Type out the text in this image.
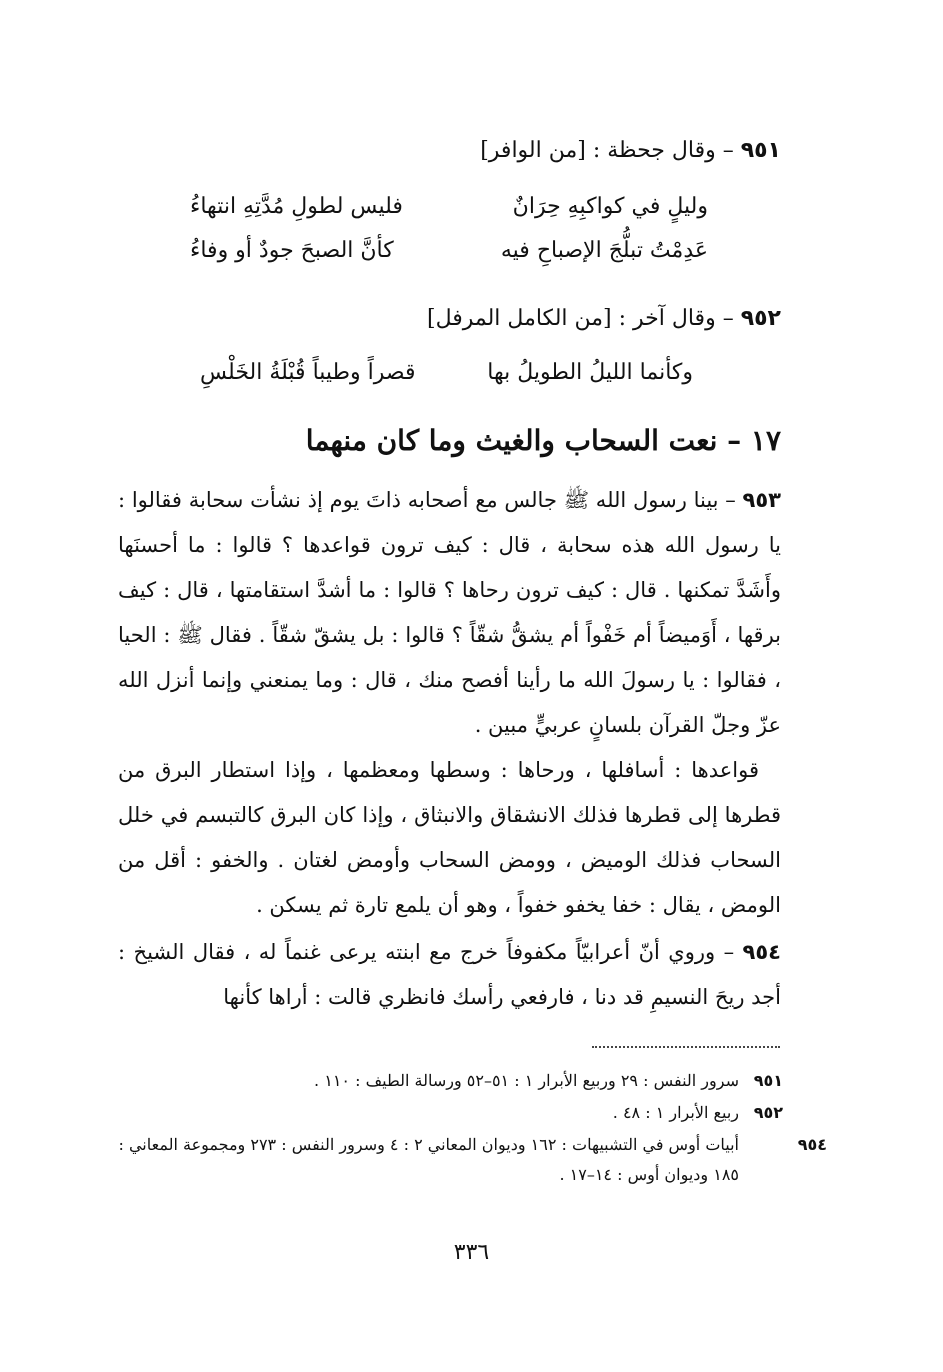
٩٥١ – وقال جحظة : [من الوافر]
وليلٍ في كواكبِهِ حِرَانٌ
فليس لطولِ مُدَّتِهِ انتهاءُ
عَدِمْتُ تبلُّجَ الإصباحِ فيه
كأنَّ الصبحَ جودٌ أو وفاءُ
٩٥٢ – وقال آخر : [من الكامل المرفل]
وكأنما الليلُ الطويلُ بها
قصراً وطيباً قُبْلَةُ الخَلْسِ
١٧ – نعت السحاب والغيث وما كان منهما

٩٥٣ – بينا رسول الله ﷺ جالس مع أصحابه ذاتَ يوم إذ نشأت سحابة فقالوا : يا رسول الله هذه سحابة ، قال : كيف ترون قواعدها ؟ قالوا : ما أحسنَها وأَشَدَّ تمكنها . قال : كيف ترون رحاها ؟ قالوا : ما أشدَّ استقامتها ، قال : كيف برقها ، أَوَميضاً أم خَفْواً أم يشقُّ شقّاً ؟ قالوا : بل يشقّ شقّاً . فقال ﷺ : الحيا ، فقالوا : يا رسولَ الله ما رأينا أفصح منك ، قال : وما يمنعني وإنما أنزل الله عزّ وجلّ القرآن بلسانٍ عربيٍّ مبين .

قواعدها : أسافلها ، ورحاها : وسطها ومعظمها ، وإذا استطار البرق من قطرها إلى قطرها فذلك الانشقاق والانبثاق ، وإذا كان البرق كالتبسم في خلل السحاب فذلك الوميض ، وومض السحاب وأومض لغتان . والخفو : أقل من الومض ، يقال : خفا يخفو خفواً ، وهو أن يلمع تارة ثم يسكن .

٩٥٤ – وروي أنّ أعرابيّاً مكفوفاً خرج مع ابنته يرعى غنماً له ، فقال الشيخ : أجد ريحَ النسيمِ قد دنا ، فارفعي رأسك فانظري قالت : أراها كأنها

٩٥١سرور النفس : ٢٩ وربيع الأبرار ١ : ٥١–٥٢ ورسالة الطيف : ١١٠ .
٩٥٢ربيع الأبرار ١ : ٤٨ .
٩٥٤أبيات أوس في التشبيهات : ١٦٢ وديوان المعاني ٢ : ٤ وسرور النفس : ٢٧٣ ومجموعة المعاني : ١٨٥ وديوان أوس : ١٤–١٧ .
٣٣٦
